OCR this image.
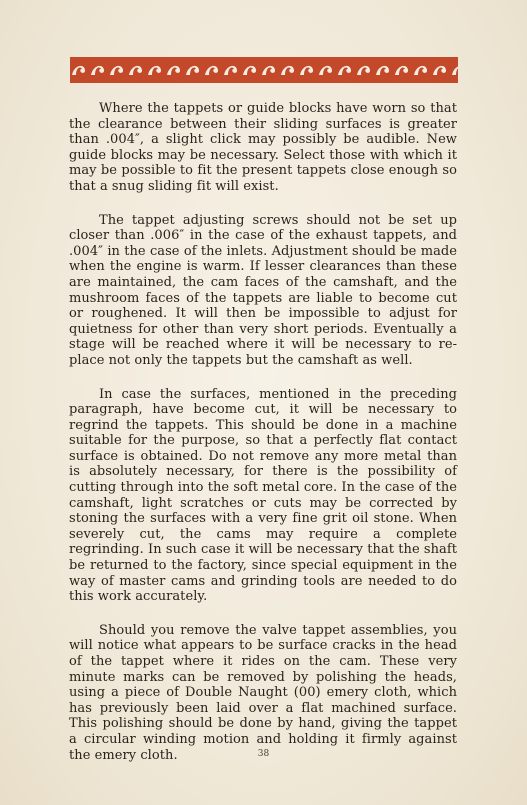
Where the tappets or guide blocks have worn so that the clearance between their sliding surfaces is greater than .004″, a slight click may possibly be audible. New guide blocks may be necessary. Select those with which it may be possible to fit the present tappets close enough so that a snug sliding fit will exist.

The tappet adjusting screws should not be set up closer than .006″ in the case of the exhaust tappets, and .004″ in the case of the inlets. Adjustment should be made when the engine is warm. If lesser clearances than these are maintained, the cam faces of the camshaft, and the mushroom faces of the tappets are liable to become cut or roughened. It will then be impossible to adjust for quietness for other than very short periods. Eventually a stage will be reached where it will be necessary to replace not only the tappets but the camshaft as well.

In case the surfaces, mentioned in the preceding paragraph, have become cut, it will be necessary to regrind the tappets. This should be done in a machine suitable for the purpose, so that a perfectly flat contact surface is obtained. Do not remove any more metal than is absolutely necessary, for there is the possibility of cutting through into the soft metal core. In the case of the camshaft, light scratches or cuts may be corrected by stoning the surfaces with a very fine grit oil stone. When severely cut, the cams may require a complete regrinding. In such case it will be necessary that the shaft be returned to the factory, since special equipment in the way of master cams and grinding tools are needed to do this work accurately.

Should you remove the valve tappet assemblies, you will notice what appears to be surface cracks in the head of the tappet where it rides on the cam. These very minute marks can be removed by polishing the heads, using a piece of Double Naught (00) emery cloth, which has previously been laid over a flat machined surface. This polishing should be done by hand, giving the tappet a circular winding motion and holding it firmly against the emery cloth.	38
